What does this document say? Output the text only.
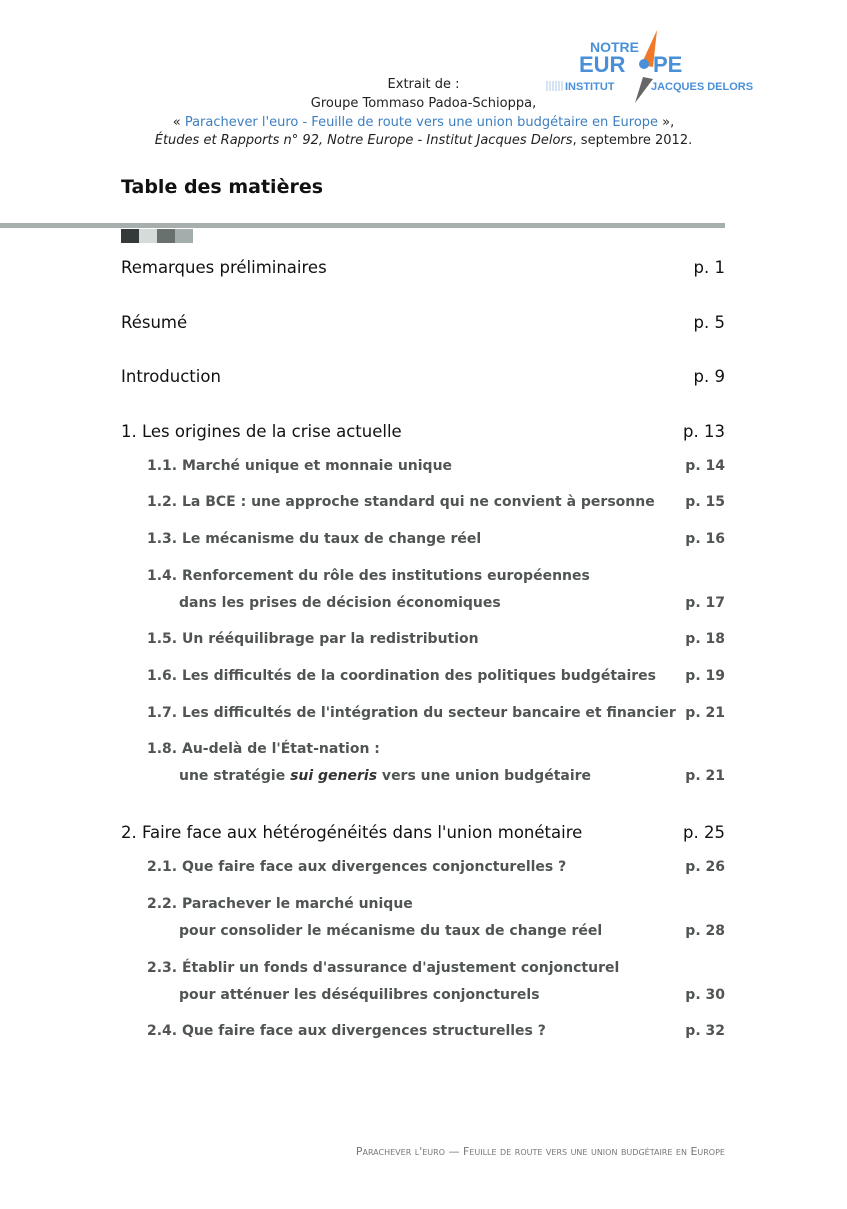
NOTRE
EUR PE
INSTITUT	JACQUES DELORS
Extrait de :
Groupe Tommaso Padoa-Schioppa,
« Parachever l'euro - Feuille de route vers une union budgétaire en Europe »,
Études et Rapports n° 92, Notre Europe - Institut Jacques Delors, septembre 2012.
Table des matières
Remarques préliminaires	p. 1
Résumé	p. 5
Introduction	p. 9
1. Les origines de la crise actuelle	p. 13
1.1. Marché unique et monnaie unique	p. 14
1.2. La BCE : une approche standard qui ne convient à personne p. 15
1.3. Le mécanisme du taux de change réel	p. 16
1.4. Renforcement du rôle des institutions européennes
dans les prises de décision économiques	p. 17
1.5. Un rééquilibrage par la redistribution	p. 18
1.6. Les difficultés de la coordination des politiques budgétaires p. 19
1.7. Les difficultés de l'intégration du secteur bancaire et financier p. 21
1.8. Au-delà de l'État-nation :
une stratégie sui generis vers une union budgétaire	p. 21
2. Faire face aux hétérogénéités dans l'union monétaire	p. 25
2.1. Que faire face aux divergences conjoncturelles ?	p. 26
2.2. Parachever le marché unique
pour consolider le mécanisme du taux de change réel	p. 28
2.3. Établir un fonds d'assurance d'ajustement conjoncturel
pour atténuer les déséquilibres conjoncturels	p. 30
2.4. Que faire face aux divergences structurelles ?	p. 32
Parachever l'euro — Feuille de route vers une union budgétaire en Europe
